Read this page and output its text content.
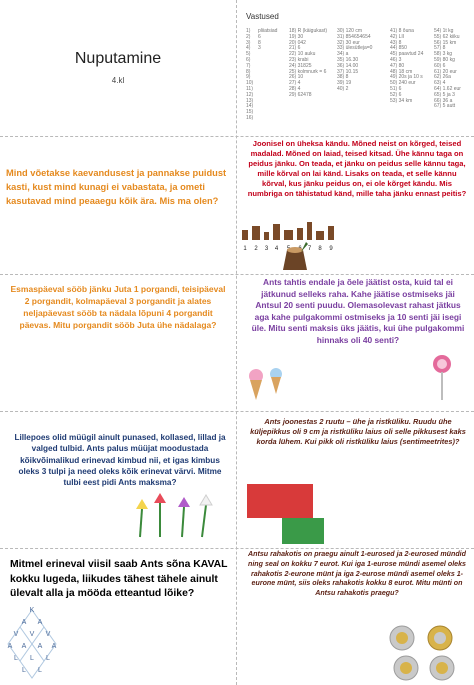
Nuputamine
4.kl
Vastused
1)
2)
3)
4)
5)
6)
7)
8)
9)
10)
11)
12)
13)
14)
15)
16)
pliiatsiad
6
8
3

18) R (käigukast)
19) 30
20) 042
21) 6
22) 10 auku
23) krabi
24) 31825
25) kolmnurk = 6
26) 10
27) 4
28) 4
29) 62478
30) 120 cm
31) 854654654
32) 30 eur
33) ülesütleja=0
34) a
35) 16.30
36) 14.00
37) 10.15
38) 8
39) 19
40) 2
41) 8 õuna
42) LII
43) 8
44) 850
45) paavtud 24
46) 3
47) 80
48) 18 cm
49) 20s ja 10 s
50) 240 eur
51) 6
52) 6
53) 34 km
54) 1t kg
55) 62 kiiku
56) 15 km
57) 8
58) 3 kg
59) 80 kg
60) 6
61) 20 eur
62) 26a
63) 4
64) 1.62 eur
65) 5 ja 3
66) 36 a
67) 5 autt
Mind võetakse kaevandusest ja pannakse puidust kasti, kust mind kunagi ei vabastata, ja ometi kasutavad mind peaaegu kõik ära. Mis ma olen?
Joonisel on üheksa kändu. Mõned neist on kõrged, teised madalad. Mõned on laiad, teised kitsad. Ühe kännu taga on peidus jänku. On teada, et jänku on peidus selle kännu taga, mille kõrval on lai känd. Lisaks on teada, et selle kännu kõrval, kus jänku peidus on, ei ole kõrget kändu. Mis numbriga on tähistatud känd, mille taha jänku ennast peitis?
1 2 3 4	7 8 9
Esmaspäeval sööb jänku Juta 1 porgandi, teisipäeval 2 porgandit, kolmapäeval 3 porgandit ja alates neljapäevast sööb ta nädala lõpuni 4 porgandit päevas. Mitu porgandit sööb Juta ühe nädalaga?
Ants tahtis endale ja õele jäätist osta, kuid tal ei jätkunud selleks raha. Kahe jäätise ostmiseks jäi Antsul 20 senti puudu. Olemasolevast rahast jätkus aga kahe pulgakommi ostmiseks ja 10 senti jäi isegi üle. Mitu senti maksis üks jäätis, kui ühe pulgakommi hinnaks oli 40 senti?
Lillepoes olid müügil ainult punased, kollased, lillad ja valged tulbid. Ants palus müüjat moodustada kõikvõimalikud erinevad kimbud nii, et igas kimbus oleks 3 tulpi ja need oleks kõik erinevat värvi. Mitme tulbi eest pidi Ants maksma?
Ants joonestas 2 ruutu – ühe ja ristküliku. Ruudu ühe küljepikkus oli 9 cm ja ristküliku laius oli selle pikkusest kaks korda lühem. Kui pikk oli ristküliku laius (sentimeetrites)?
Mitmel erineval viisil saab Ants sõna KAVAL kokku lugeda, liikudes tähest tähele ainult ülevalt alla ja mööda etteantud lõike?
K
A A
V V V
A A A A
L L L
L L
Antsu rahakotis on praegu ainult 1-eurosed ja 2-eurosed mündid ning seal on kokku 7 eurot. Kui iga 1-eurose mündi asemel oleks rahakotis 2-eurone münt ja iga 2-eurose mündi asemel oleks 1-eurone münt, siis oleks rahakotis kokku 8 eurot. Mitu münti on Antsu rahakotis praegu?
